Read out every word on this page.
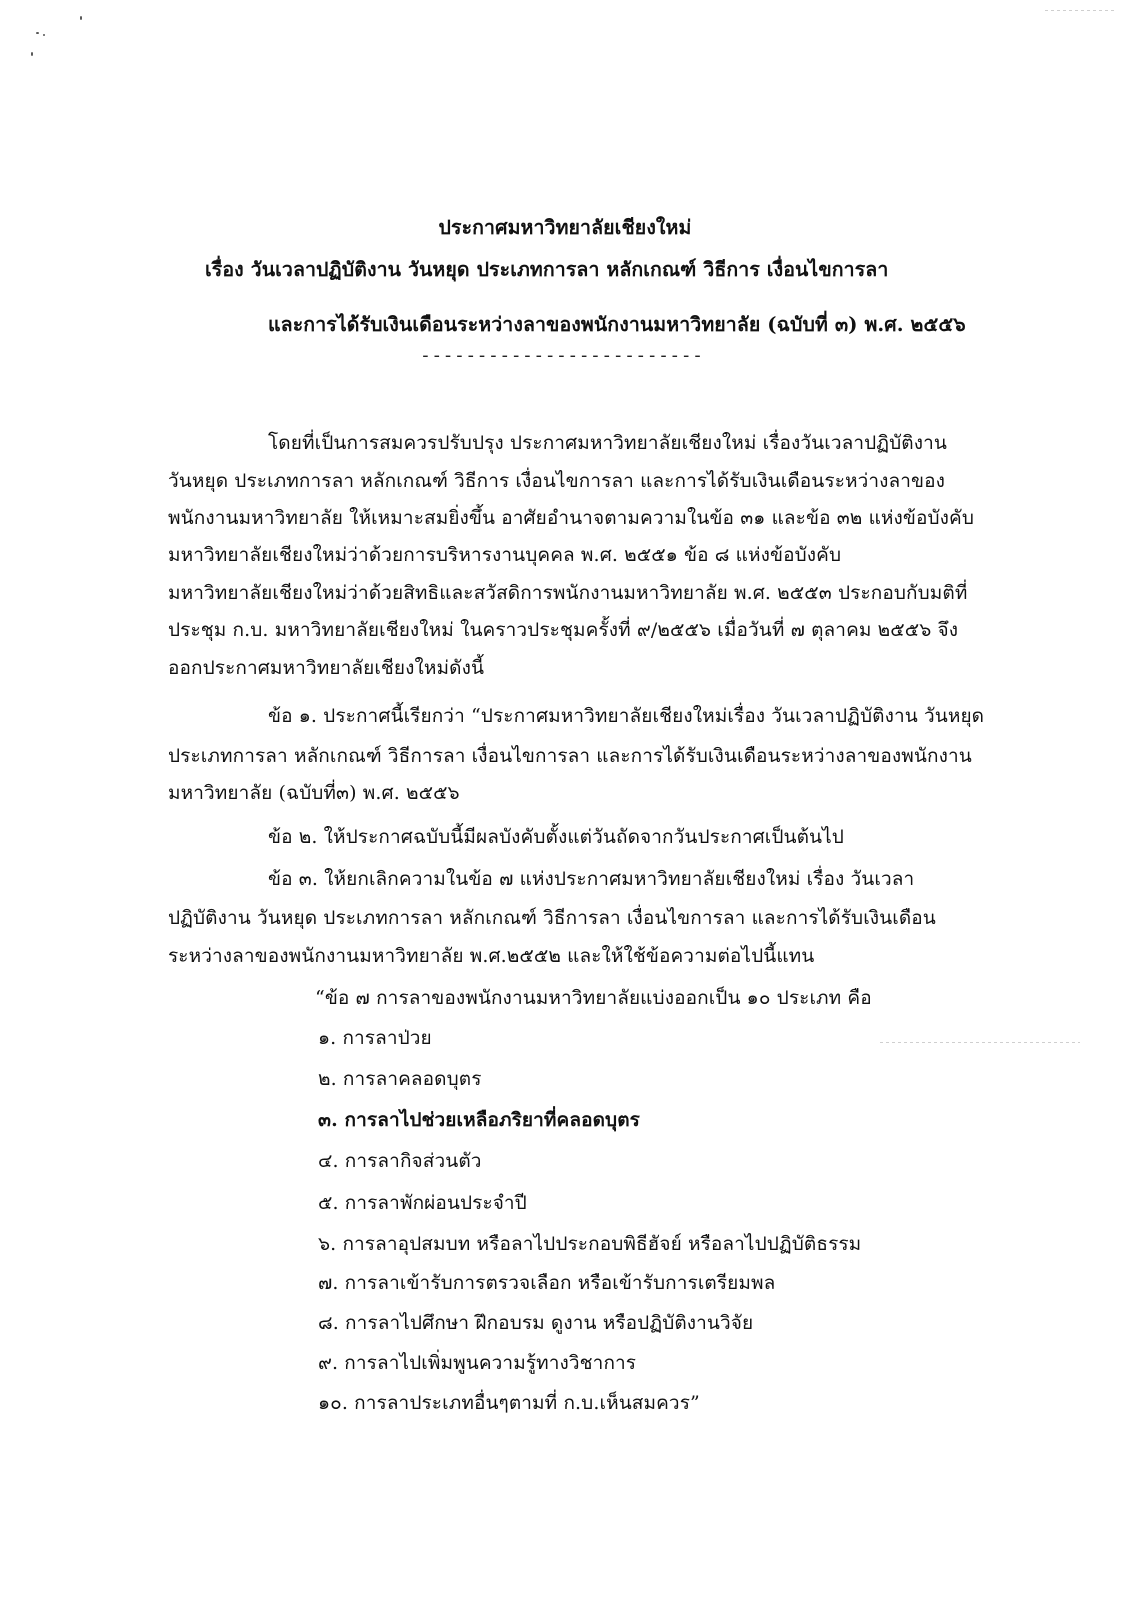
ประกาศมหาวิทยาลัยเชียงใหม่
เรื่อง วันเวลาปฏิบัติงาน วันหยุด ประเภทการลา หลักเกณฑ์ วิธีการ เงื่อนไขการลา
และการได้รับเงินเดือนระหว่างลาของพนักงานมหาวิทยาลัย (ฉบับที่ ๓) พ.ศ. ๒๕๕๖
-------------------------
โดยที่เป็นการสมควรปรับปรุง ประกาศมหาวิทยาลัยเชียงใหม่ เรื่องวันเวลาปฏิบัติงาน
วันหยุด ประเภทการลา หลักเกณฑ์ วิธีการ เงื่อนไขการลา และการได้รับเงินเดือนระหว่างลาของ
พนักงานมหาวิทยาลัย ให้เหมาะสมยิ่งขึ้น อาศัยอำนาจตามความในข้อ ๓๑ และข้อ ๓๒ แห่งข้อบังคับ
มหาวิทยาลัยเชียงใหม่ว่าด้วยการบริหารงานบุคคล พ.ศ. ๒๕๕๑ ข้อ ๘ แห่งข้อบังคับ
มหาวิทยาลัยเชียงใหม่ว่าด้วยสิทธิและสวัสดิการพนักงานมหาวิทยาลัย พ.ศ. ๒๕๕๓ ประกอบกับมติที่
ประชุม ก.บ. มหาวิทยาลัยเชียงใหม่ ในคราวประชุมครั้งที่ ๙/๒๕๕๖ เมื่อวันที่ ๗ ตุลาคม ๒๕๕๖ จึง
ออกประกาศมหาวิทยาลัยเชียงใหม่ดังนี้
ข้อ ๑. ประกาศนี้เรียกว่า “ประกาศมหาวิทยาลัยเชียงใหม่เรื่อง วันเวลาปฏิบัติงาน วันหยุด
ประเภทการลา หลักเกณฑ์ วิธีการลา เงื่อนไขการลา และการได้รับเงินเดือนระหว่างลาของพนักงาน
มหาวิทยาลัย (ฉบับที่๓) พ.ศ. ๒๕๕๖
ข้อ ๒. ให้ประกาศฉบับนี้มีผลบังคับตั้งแต่วันถัดจากวันประกาศเป็นต้นไป
ข้อ ๓. ให้ยกเลิกความในข้อ ๗ แห่งประกาศมหาวิทยาลัยเชียงใหม่ เรื่อง วันเวลา
ปฏิบัติงาน วันหยุด ประเภทการลา หลักเกณฑ์ วิธีการลา เงื่อนไขการลา และการได้รับเงินเดือน
ระหว่างลาของพนักงานมหาวิทยาลัย พ.ศ.๒๕๕๒ และให้ใช้ข้อความต่อไปนี้แทน
“ข้อ ๗ การลาของพนักงานมหาวิทยาลัยแบ่งออกเป็น ๑๐ ประเภท คือ
๑. การลาป่วย
๒. การลาคลอดบุตร
๓. การลาไปช่วยเหลือภริยาที่คลอดบุตร
๔. การลากิจส่วนตัว
๕. การลาพักผ่อนประจำปี
๖. การลาอุปสมบท หรือลาไปประกอบพิธีฮัจย์ หรือลาไปปฏิบัติธรรม
๗. การลาเข้ารับการตรวจเลือก หรือเข้ารับการเตรียมพล
๘. การลาไปศึกษา ฝึกอบรม ดูงาน หรือปฏิบัติงานวิจัย
๙. การลาไปเพิ่มพูนความรู้ทางวิชาการ
๑๐. การลาประเภทอื่นๆตามที่ ก.บ.เห็นสมควร”
